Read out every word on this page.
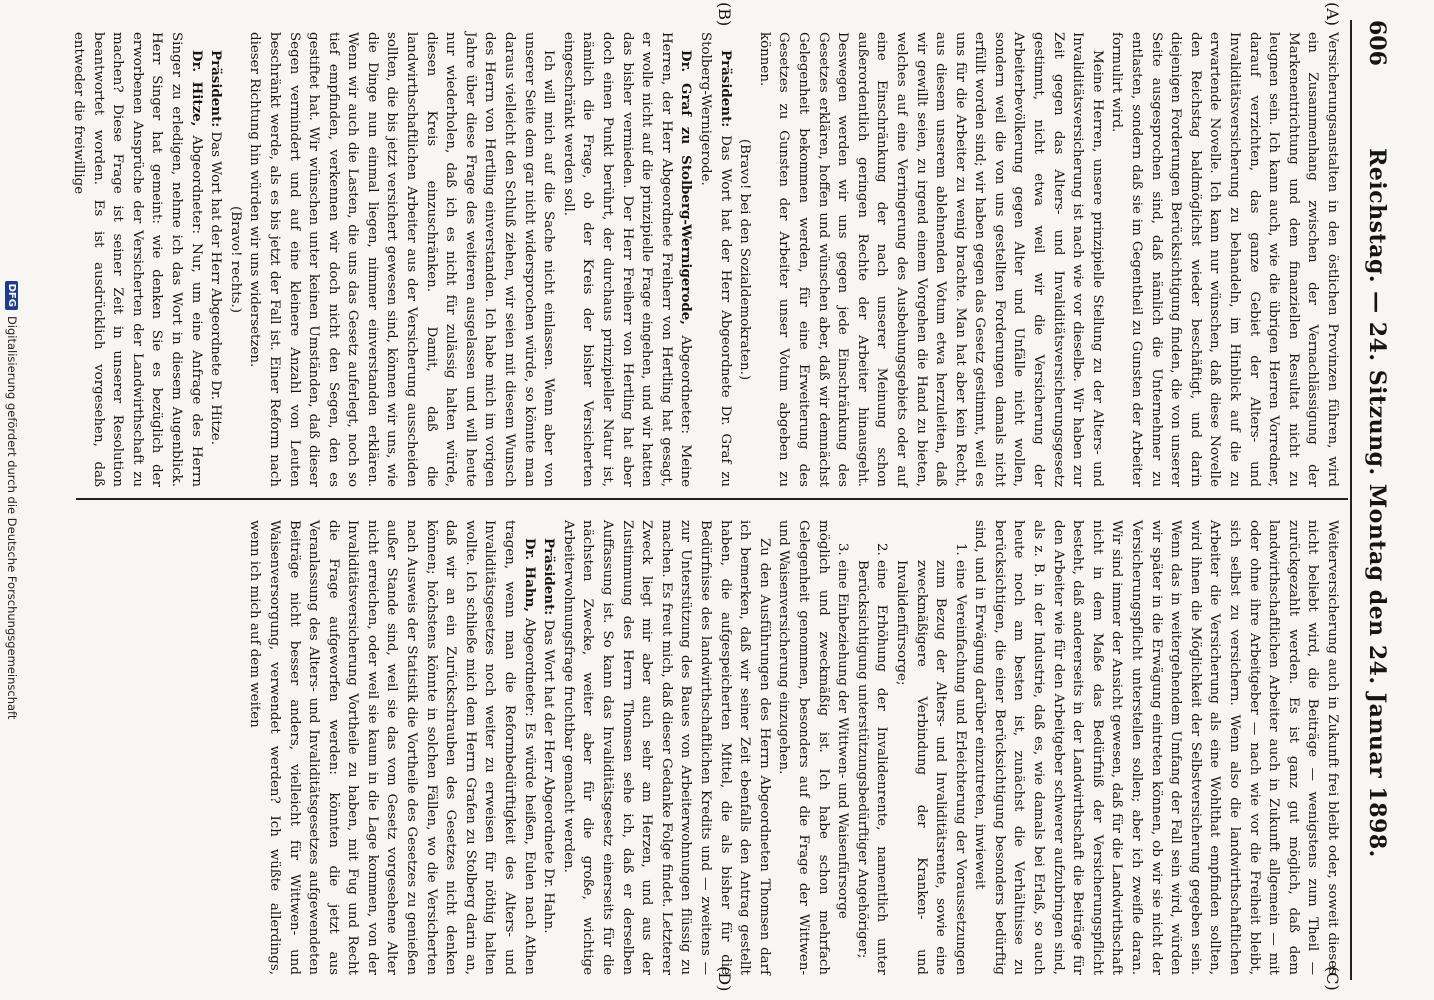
606
Reichstag. — 24. Sitzung. Montag den 24. Januar 1898.
(A)
(B)
(C)
(D)

Versicherungsanstalten in den östlichen Provinzen führen, wird ein Zusammenhang zwischen der Vernachlässigung der Markenentrichtung und dem finanziellen Resultat nicht zu leugnen sein. Ich kann auch, wie die übrigen Herren Vorredner, darauf verzichten, das ganze Gebiet der Alters- und Invaliditätsversicherung zu behandeln, im Hinblick auf die zu erwartende Novelle. Ich kann nur wünschen, daß diese Novelle den Reichstag baldmöglichst wieder beschäftigt, und darin diejenigen Forderungen Berücksichtigung finden, die von unserer Seite ausgesprochen sind, daß nämlich die Unternehmer zu entlasten, sondern daß sie im Gegentheil zu Gunsten der Arbeiter formulirt wird.

Meine Herren, unsere prinzipielle Stellung zu der Alters- und Invaliditätsversicherung ist nach wie vor dieselbe. Wir haben zur Zeit gegen das Alters- und Invaliditätsversicherungsgesetz gestimmt, nicht etwa weil wir die Versicherung der Arbeiterbevölkerung gegen Alter und Unfälle nicht wollen, sondern weil die von uns gestellten Forderungen damals nicht erfüllt worden sind; wir haben gegen das Gesetz gestimmt, weil es uns für die Arbeiter zu wenig brachte. Man hat aber kein Recht, aus diesem unserem ablehnenden Votum etwa herzuleiten, daß wir gewillt seien, zu irgend einem Vorgehen die Hand zu bieten, welches auf eine Verringerung des Ausbehungsgebiets oder auf eine Einschränkung der nach unserer Meinung schon außerordentlich geringen Rechte der Arbeiter hinausgeht. Deswegen werden wir uns gegen jede Einschränkung des Gesetzes erklären, hoffen und wünschen aber, daß wir demnächst Gelegenheit bekommen werden, für eine Erweiterung des Gesetzes zu Gunsten der Arbeiter unser Votum abgeben zu können.

(Bravo! bei den Sozialdemokraten.)

Präsident: Das Wort hat der Herr Abgeordnete Dr. Graf zu Stolberg-Wernigerode.

Dr. Graf zu Stolberg-Wernigerode, Abgeordneter: Meine Herren, der Herr Abgeordnete Freiherr von Hertling hat gesagt, er wolle nicht auf die prinzipielle Frage eingehen, und wir hatten das bisher vermieden. Der Herr Freiherr von Hertling hat aber doch einen Punkt berührt, der durchaus prinzipieller Natur ist, nämlich die Frage, ob der Kreis der bisher Versicherten eingeschränkt werden soll.

Ich will mich auf die Sache nicht einlassen. Wenn aber von unserer Seite dem gar nicht widersprochen würde, so könnte man daraus vielleicht den Schluß ziehen, wir seien mit diesem Wunsch des Herrn von Hertling einverstanden. Ich habe mich im vorigen Jahre über diese Frage des weiteren ausgelassen und will heute nur wiederholen, daß ich es nicht für zulässig halten würde, diesen Kreis einzuschränken. Damit, daß die landwirthschaftlichen Arbeiter aus der Versicherung ausscheiden sollten, die bis jetzt versichert gewesen sind, können wir uns, wie die Dinge nun einmal liegen, nimmer einverstanden erklären. Wenn wir auch die Lasten, die uns das Gesetz auferlegt, noch so tief empfinden, verkennen wir doch nicht den Segen, den es gestiftet hat. Wir wünschen unter keinen Umständen, daß dieser Segen vermindert und auf eine kleinere Anzahl von Leuten beschränkt werde, als es bis jetzt der Fall ist. Einer Reform nach dieser Richtung hin würden wir uns widersetzen.

(Bravo! rechts.)

Präsident: Das Wort hat der Herr Abgeordnete Dr. Hitze.

Dr. Hitze, Abgeordneter: Nur, um eine Anfrage des Herrn Singer zu erledigen, nehme ich das Wort in diesem Augenblick. Herr Singer hat gemeint: wie denken Sie es bezüglich der erworbenen Ansprüche der Versicherten der Landwirthschaft zu machen? Diese Frage ist seiner Zeit in unserer Resolution beantwortet worden. Es ist ausdrücklich vorgesehen, daß entweder die freiwillige

Weiterversicherung auch in Zukunft frei bleibt oder, soweit dieses nicht beliebt wird, die Beiträge — wenigstens zum Theil — zurückgezahlt werden. Es ist ganz gut möglich, daß dem landwirthschaftlichen Arbeiter auch in Zukunft allgemein — mit oder ohne ihre Arbeitgeber — nach wie vor die Freiheit bleibt, sich selbst zu versichern. Wenn also die landwirthschaftlichen Arbeiter die Versicherung als eine Wohlthat empfinden sollten, wird ihnen die Möglichkeit der Selbstversicherung gegeben sein. Wenn das in weitergehendem Umfang der Fall sein wird, würden wir später in die Erwägung eintreten können, ob wir sie nicht der Versicherungspflicht unterstellen sollen; aber ich zweifle daran. Wir sind immer der Ansicht gewesen, daß für die Landwirthschaft nicht in dem Maße das Bedürfniß der Versicherungspflicht besteht, daß andererseits in der Landwirthschaft die Beiträge für den Arbeiter wie für den Arbeitgeber schwerer aufzubringen sind, als z. B. in der Industrie, daß es, wie damals bei Erlaß, so auch heute noch am besten ist, zunächst die Verhältnisse zu berücksichtigen, die einer Berücksichtigung besonders bedürftig sind, und in Erwägung darüber einzutreten, inwieweit

1. eine Vereinfachung und Erleichterung der Voraussetzungen zum Bezug der Alters- und Invaliditätsrente, sowie eine zweckmäßigere Verbindung der Kranken- und Invalidenfürsorge;
2. eine Erhöhung der Invalidenrente, namentlich unter Berücksichtigung unterstützungsbedürftiger Angehöriger;
3. eine Einbeziehung der Wittwen- und Waisenfürsorge

möglich und zweckmäßig ist. Ich habe schon mehrfach Gelegenheit genommen, besonders auf die Frage der Wittwen- und Waisenversicherung einzugehen.

Zu den Ausführungen des Herrn Abgeordneten Thomsen darf ich bemerken, daß wir seiner Zeit ebenfalls den Antrag gestellt haben, die aufgespeicherten Mittel, die als bisher für die Bedürfnisse des landwirthschaftlichen Kredits und — zweitens — zur Unterstützung des Baues von Arbeiterwohnungen flüssig zu machen. Es freut mich, daß dieser Gedanke Folge findet. Letzterer Zweck liegt mir aber auch sehr am Herzen, und aus der Zustimmung des Herrn Thomsen sehe ich, daß er derselben Auffassung ist. So kann das Invaliditätsgesetz einerseits für die nächsten Zwecke, weiter aber für die große, wichtige Arbeiterwohnungsfrage fruchtbar gemacht werden.

Präsident: Das Wort hat der Herr Abgeordnete Dr. Hahn.

Dr. Hahn, Abgeordneter: Es würde heißen, Eulen nach Athen tragen, wenn man die Reformbedürftigkeit des Alters- und Invaliditätsgesetzes noch weiter zu erweisen für nöthig halten wollte. Ich schließe mich dem Herrn Grafen zu Stolberg darin an, daß wir an ein Zurückschrauben des Gesetzes nicht denken können; höchstens könnte in solchen Fällen, wo die Versicherten nach Ausweis der Statistik die Vortheile des Gesetzes zu genießen außer Stande sind, weil sie das vom Gesetz vorgesehene Alter nicht erreichen, oder weil sie kaum in die Lage kommen, von der Invaliditätsversicherung Vortheile zu haben, mit Fug und Recht die Frage aufgeworfen werden: könnten die jetzt aus Veranlassung des Alters- und Invaliditätsgesetzes aufgewendeten Beiträge nicht besser anders, vielleicht für Wittwen- und Waisenversorgung, verwendet werden? Ich wüßte allerdings, wenn ich mich auf dem weiten

DFG
Digitalisierung gefördert durch die Deutsche Forschungsgemeinschaft
